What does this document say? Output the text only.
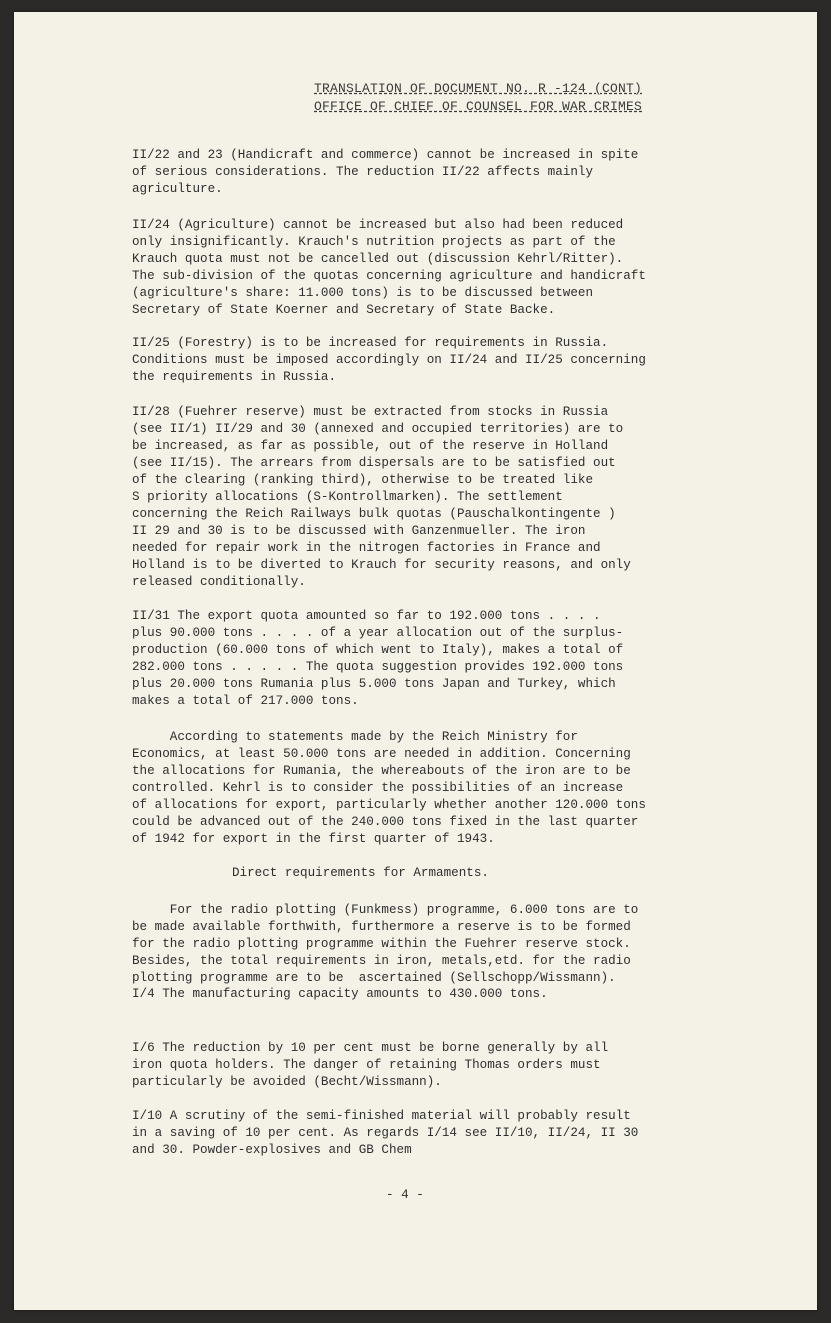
TRANSLATION OF DOCUMENT NO. R -124 (CONT)
OFFICE OF CHIEF OF COUNSEL FOR WAR CRIMES

II/22 and 23 (Handicraft and commerce) cannot be increased in spite
of serious considerations. The reduction II/22 affects mainly
agriculture.

II/24 (Agriculture) cannot be increased but also had been reduced
only insignificantly. Krauch's nutrition projects as part of the
Krauch quota must not be cancelled out (discussion Kehrl/Ritter).
The sub-division of the quotas concerning agriculture and handicraft
(agriculture's share: 11.000 tons) is to be discussed between
Secretary of State Koerner and Secretary of State Backe.

II/25 (Forestry) is to be increased for requirements in Russia.
Conditions must be imposed accordingly on II/24 and II/25 concerning
the requirements in Russia.

II/28 (Fuehrer reserve) must be extracted from stocks in Russia
(see II/1) II/29 and 30 (annexed and occupied territories) are to
be increased, as far as possible, out of the reserve in Holland
(see II/15). The arrears from dispersals are to be satisfied out
of the clearing (ranking third), otherwise to be treated like
S priority allocations (S-Kontrollmarken). The settlement
concerning the Reich Railways bulk quotas (Pauschalkontingente )
II 29 and 30 is to be discussed with Ganzenmueller. The iron
needed for repair work in the nitrogen factories in France and
Holland is to be diverted to Krauch for security reasons, and only
released conditionally.

II/31 The export quota amounted so far to 192.000 tons . . . .
plus 90.000 tons . . . . of a year allocation out of the surplus-
production (60.000 tons of which went to Italy), makes a total of
282.000 tons . . . . . The quota suggestion provides 192.000 tons
plus 20.000 tons Rumania plus 5.000 tons Japan and Turkey, which
makes a total of 217.000 tons.

According to statements made by the Reich Ministry for
Economics, at least 50.000 tons are needed in addition. Concerning
the allocations for Rumania, the whereabouts of the iron are to be
controlled. Kehrl is to consider the possibilities of an increase
of allocations for export, particularly whether another 120.000 tons
could be advanced out of the 240.000 tons fixed in the last quarter
of 1942 for export in the first quarter of 1943.

Direct requirements for Armaments.

For the radio plotting (Funkmess) programme, 6.000 tons are to
be made available forthwith, furthermore a reserve is to be formed
for the radio plotting programme within the Fuehrer reserve stock.
Besides, the total requirements in iron, metals,etd. for the radio
plotting programme are to be  ascertained (Sellschopp/Wissmann).

I/4 The manufacturing capacity amounts to 430.000 tons.

I/6 The reduction by 10 per cent must be borne generally by all
iron quota holders. The danger of retaining Thomas orders must
particularly be avoided (Becht/Wissmann).

I/10 A scrutiny of the semi-finished material will probably result
in a saving of 10 per cent. As regards I/14 see II/10, II/24, II 30
and 30. Powder-explosives and GB Chem

- 4 -
